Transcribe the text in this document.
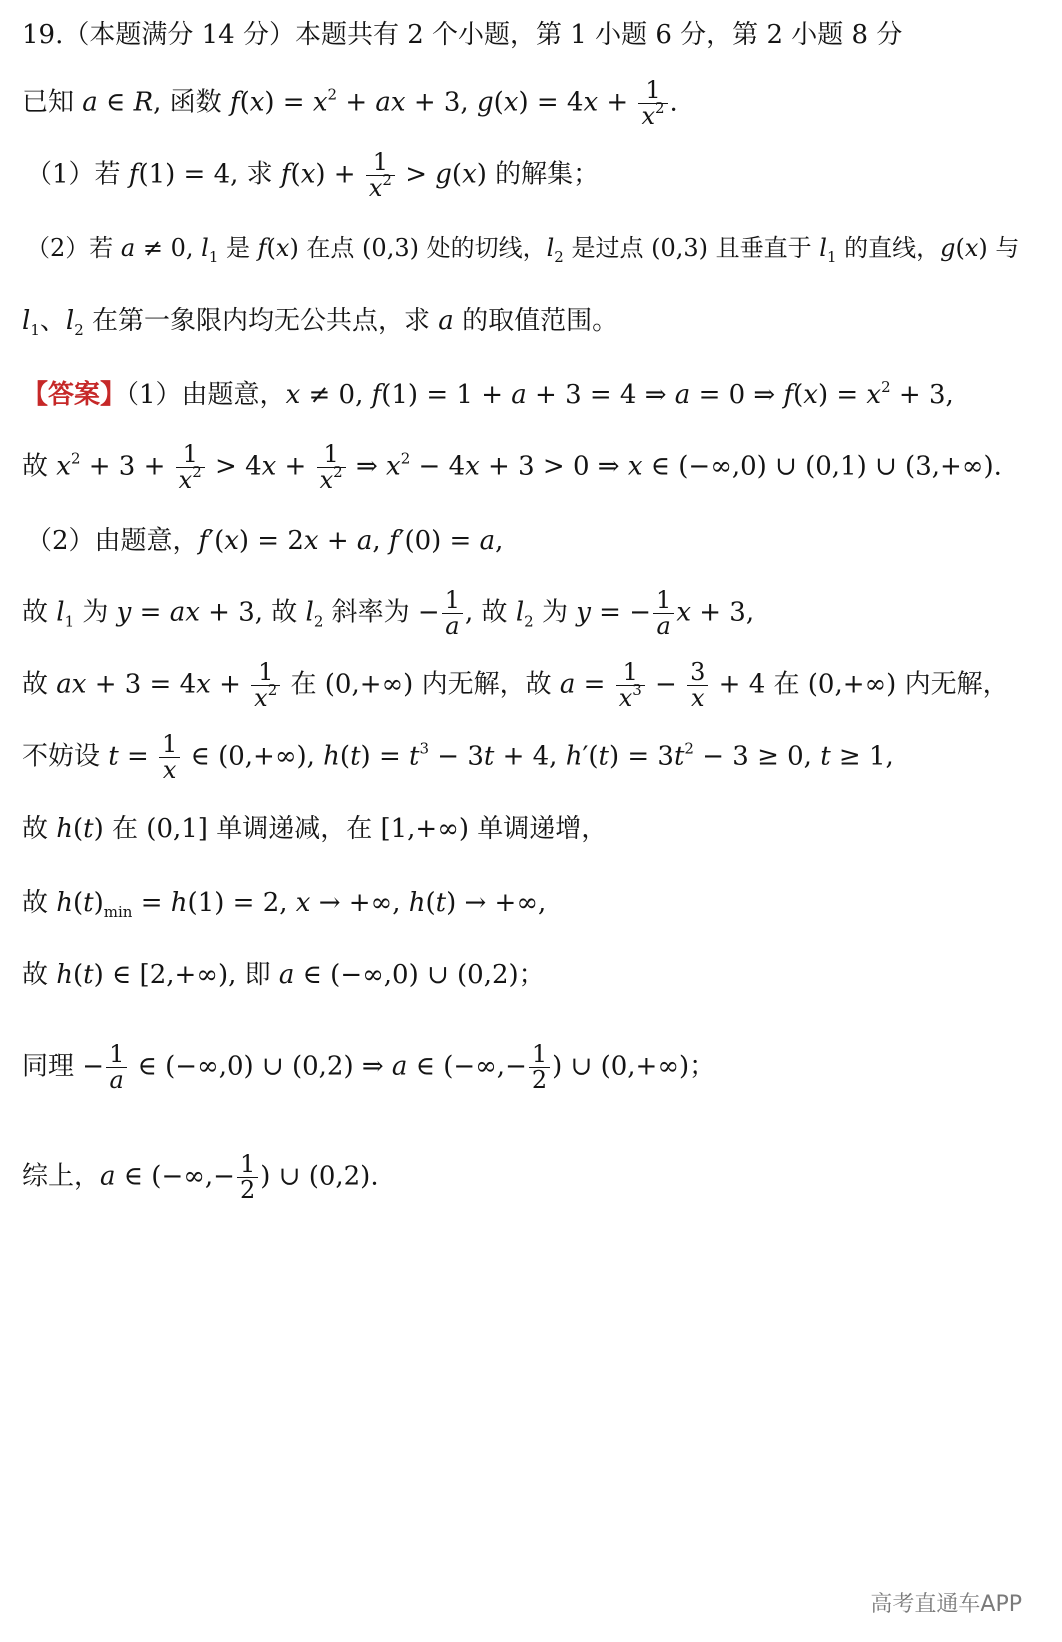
19.（本题满分 14 分）本题共有 2 个小题，第 1 小题 6 分，第 2 小题 8 分
已知 a ∈ R, 函数 $f(x) = x^2$ + ax + 3, $g(x) = 4x + \frac{1}{x^2}$ .
（1）若 f(1) = 4, 求 $f(x) + \frac{1}{x^2} > g(x)$ 的解集；
（2）若 a ≠ 0, $l_1$ 是 f(x) 在点 (0,3) 处的切线，$l_2$ 是过点 (0,3) 且垂直于 $l_1$ 的直线，g(x) 与
$l_1$、$l_2$ 在第一象限内均无公共点，求 a 的取值范围。
【答案】（1）由题意，x ≠ 0, f(1) = 1 + a + 3 = 4 ⇒ a = 0 ⇒ $f(x) = x^2 + 3$,
故 $x^2 + 3 + \frac{1}{x^2} > 4x + \frac{1}{x^2}$ ⇒ $x^2 - 4x + 3 > 0$ ⇒ x ∈ (−∞,0) ∪ (0,1) ∪ (3,+∞).
（2）由题意，f′(x) = 2x + a, f′(0) = a,
故 $l_1$ 为 y = ax + 3, 故 $l_2$ 斜率为 − $\frac{1}{a}$ , 故 $l_2$ 为 y = − $\frac{1}{a}$ x + 3,
故 ax + $3 = 4x + \frac{1}{x^2}$ 在 (0,+∞) 内无解，故 $a = \frac{1}{x^3} - \frac{3}{x} + 4$ 在 (0,+∞) 内无解，
不妨设 $t = \frac{1}{x}$ ∈ (0,+∞), $h(t) = t^3 - 3t + 4$, $h'(t) = 3t^2 - 3 \ge 0$, t ≥ 1,
故 h(t) 在 (0,1] 单调递减，在 [1,+∞) 单调递增，
故 $h(t)_{min} = h(1) = 2$, x → +∞, h(t) → +∞,
故 h(t) ∈ [2,+∞), 即 a ∈ (−∞,0) ∪ (0,2)；
同理 − $\frac{1}{a}$ ∈ (−∞,0) ∪ (0,2) ⇒ a ∈ (−∞,− $\frac{1}{2}$ ) ∪ (0,+∞)；
综上，a ∈ (−∞,− $\frac{1}{2}$ ) ∪ (0,2).
高考直通车APP
